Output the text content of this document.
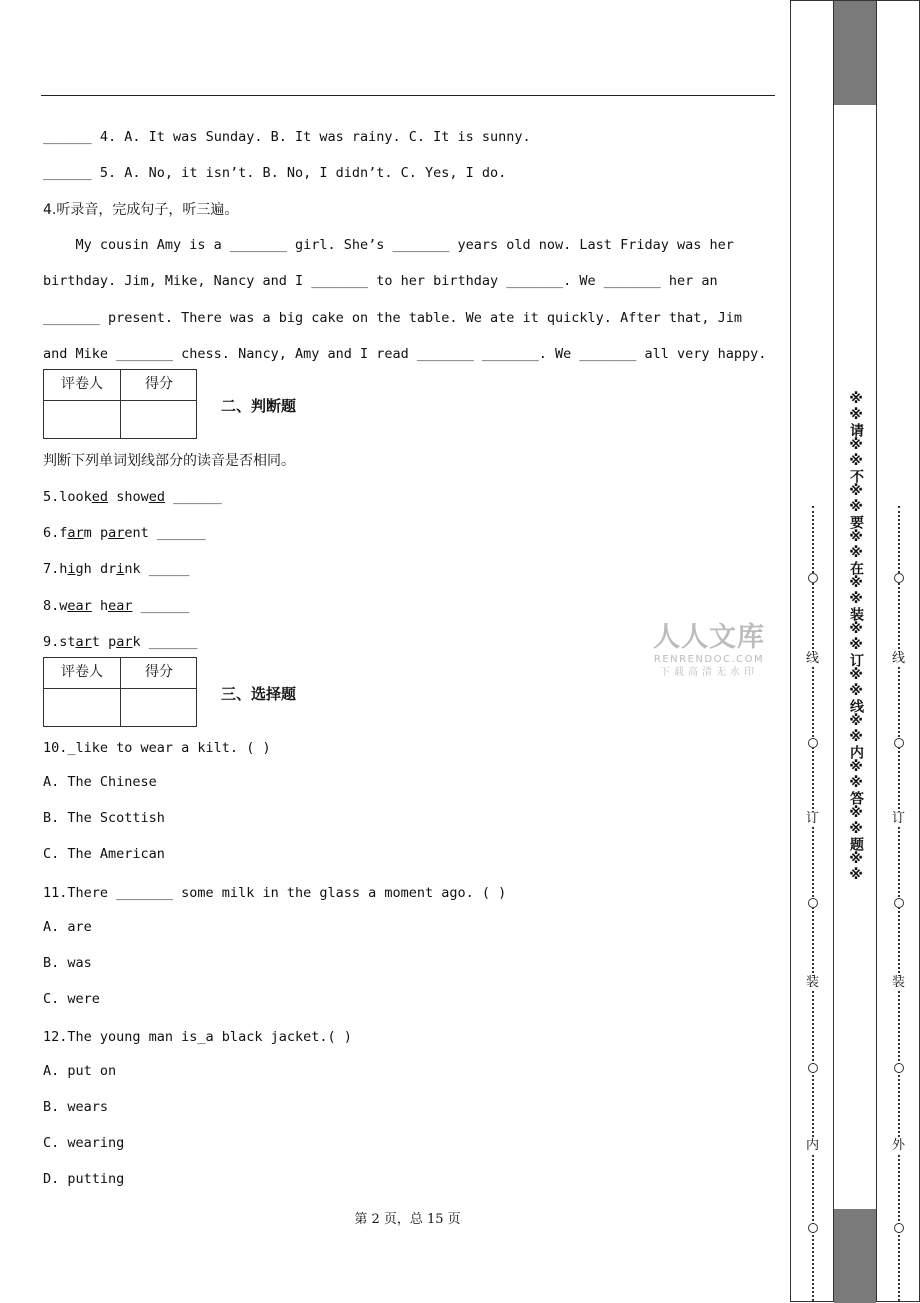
______ 4. A. It was Sunday. B. It was rainy. C. It is sunny.
______ 5. A. No, it isn’t. B. No, I didn’t. C. Yes, I do.
4.听录音，完成句子，听三遍。
My cousin Amy is a _______ girl. She’s _______ years old now. Last Friday was her
birthday. Jim, Mike, Nancy and I _______ to her birthday _______. We _______ her an
_______ present. There was a big cake on the table. We ate it quickly. After that, Jim
and Mike _______ chess. Nancy, Amy and I read _______ _______. We _______ all very happy.
评卷人	得分
二、判断题
判断下列单词划线部分的读音是否相同。
5.looked showed ______
6.farm parent ______
7.high drink _____
8.wear hear ______
9.start park ______
评卷人	得分
三、选择题
人人文库
RENRENDOC.COM
下载高清无水印
10._like to wear a kilt. ( )
A. The Chinese
B. The Scottish
C. The American
11.There _______ some milk in the glass a moment ago. ( )
A. are
B. was
C. were
12.The young man is_a black jacket.( )
A. put on
B. wears
C. wearing
D. putting
第 2 页，总 15 页
线
订
装
内
※※请※※不※※要※※在※※装※※订※※线※※内※※答※※题※※ 线
订
装
外
